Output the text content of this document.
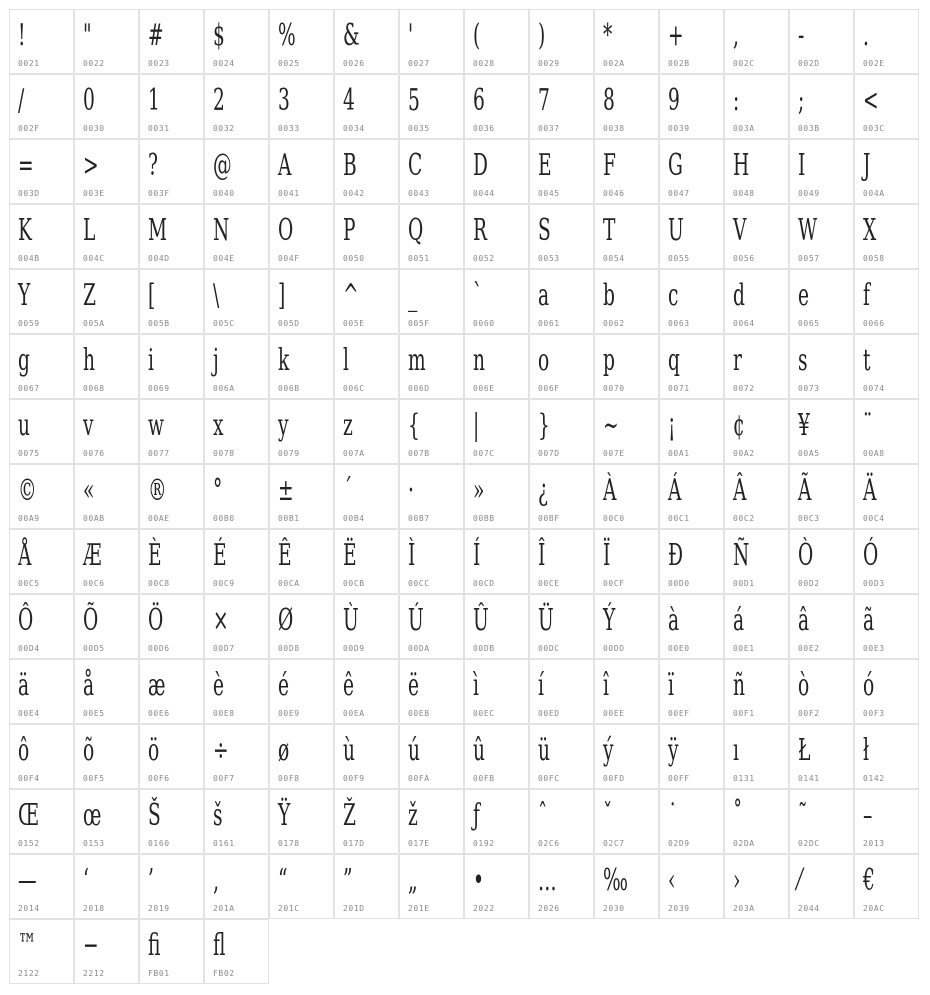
!
0021
"
0022
#
0023
$
0024
%
0025
&
0026
'
0027
(
0028
)
0029
*
002A
+
002B
,
002C
-
002D
.
002E
/
002F
0
0030
1
0031
2
0032
3
0033
4
0034
5
0035
6
0036
7
0037
8
0038
9
0039
:
003A
;
003B
<
003C
=
003D
>
003E
?
003F
@
0040
A
0041
B
0042
C
0043
D
0044
E
0045
F
0046
G
0047
H
0048
I
0049
J
004A
K
004B
L
004C
M
004D
N
004E
O
004F
P
0050
Q
0051
R
0052
S
0053
T
0054
U
0055
V
0056
W
0057
X
0058
Y
0059
Z
005A
[
005B
\
005C
]
005D
^
005E
_
005F
`
0060
a
0061
b
0062
c
0063
d
0064
e
0065
f
0066
g
0067
h
0068
i
0069
j
006A
k
006B
l
006C
m
006D
n
006E
o
006F
p
0070
q
0071
r
0072
s
0073
t
0074
u
0075
v
0076
w
0077
x
0078
y
0079
z
007A
{
007B
|
007C
}
007D
~
007E
¡
00A1
¢
00A2
¥
00A5
¨
00A8
©
00A9
«
00AB
®
00AE
°
00B0
±
00B1
´
00B4
·
00B7
»
00BB
¿
00BF
À
00C0
Á
00C1
Â
00C2
Ã
00C3
Ä
00C4
Å
00C5
Æ
00C6
È
00C8
É
00C9
Ê
00CA
Ë
00CB
Ì
00CC
Í
00CD
Î
00CE
Ï
00CF
Ð
00D0
Ñ
00D1
Ò
00D2
Ó
00D3
Ô
00D4
Õ
00D5
Ö
00D6
×
00D7
Ø
00D8
Ù
00D9
Ú
00DA
Û
00DB
Ü
00DC
Ý
00DD
à
00E0
á
00E1
â
00E2
ã
00E3
ä
00E4
å
00E5
æ
00E6
è
00E8
é
00E9
ê
00EA
ë
00EB
ì
00EC
í
00ED
î
00EE
ï
00EF
ñ
00F1
ò
00F2
ó
00F3
ô
00F4
õ
00F5
ö
00F6
÷
00F7
ø
00F8
ù
00F9
ú
00FA
û
00FB
ü
00FC
ý
00FD
ÿ
00FF
ı
0131
Ł
0141
ł
0142
Œ
0152
œ
0153
Š
0160
š
0161
Ÿ
0178
Ž
017D
ž
017E
ƒ
0192
ˆ
02C6
ˇ
02C7
˙
02D9
˚
02DA
˜
02DC
–
2013
—
2014
‘
2018
’
2019
‚
201A
“
201C
”
201D
„
201E
•
2022
…
2026
‰
2030
‹
2039
›
203A
⁄
2044
€
20AC
™
2122
−
2212
ﬁ
FB01
ﬂ
FB02
